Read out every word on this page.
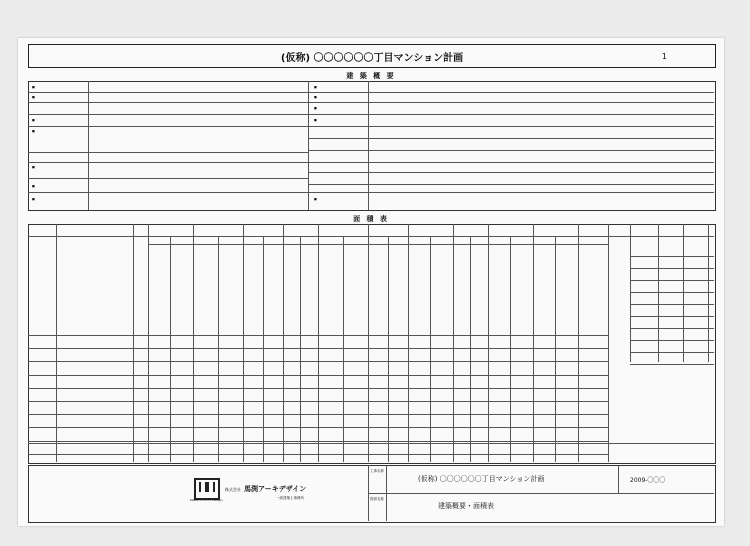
(仮称) 〇〇〇〇〇〇丁目マンション計画	1
建 築 概 要
面 積 表
工事名称
図面名称
(仮称) 〇〇〇〇〇〇丁目マンション計画	2009-〇〇〇
建築概要・面積表
Mabuchi Archi Design
株式会社 馬渕アーキデザイン
一級建築士事務所
■
■
■
■
■
■
■
■
■
■
■
■
